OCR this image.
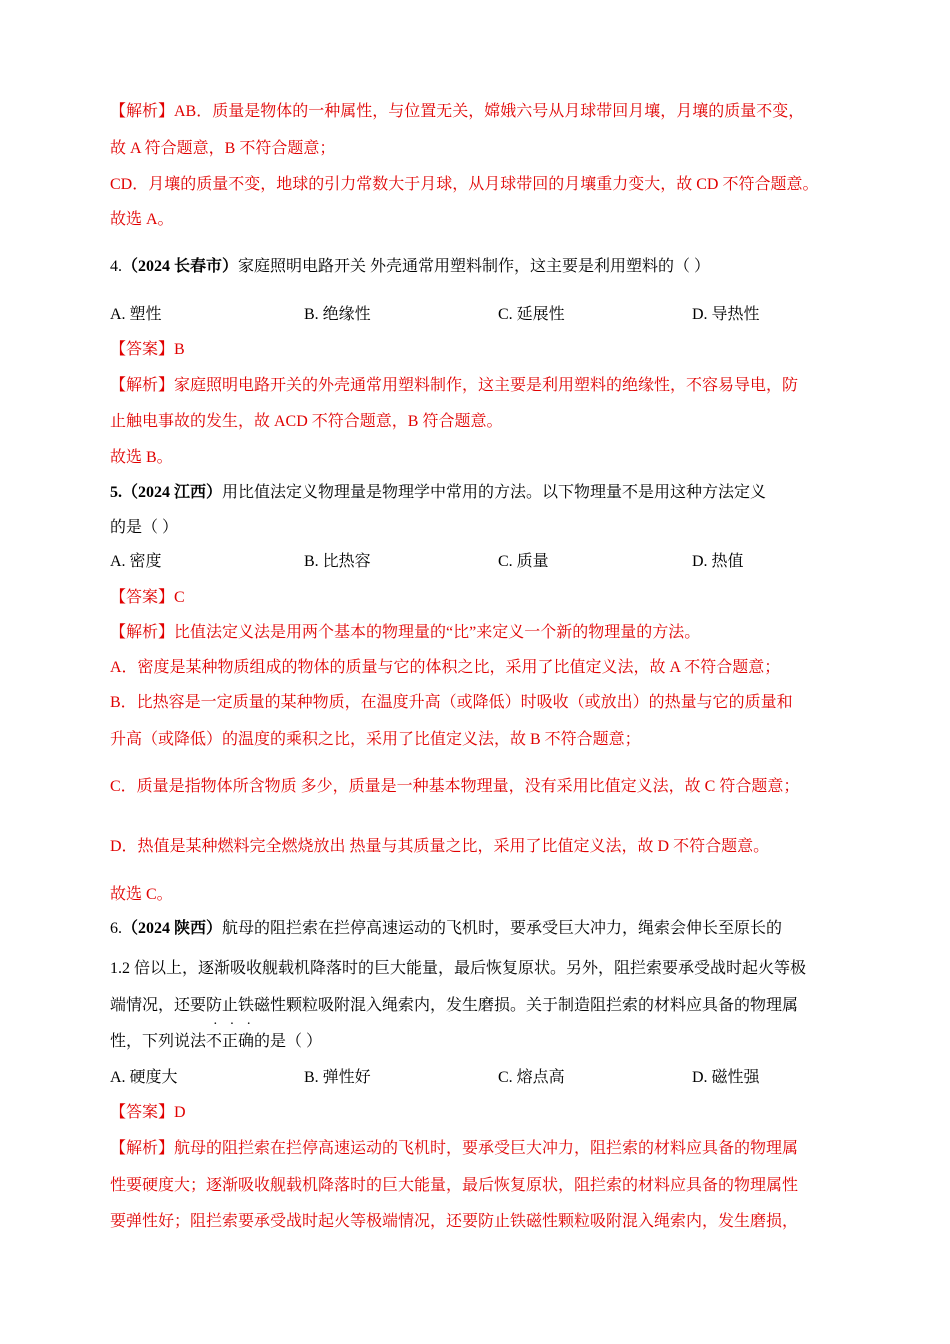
【解析】AB．质量是物体的一种属性，与位置无关，嫦娥六号从月球带回月壤，月壤的质量不变，
故 A 符合题意，B 不符合题意；
CD．月壤的质量不变，地球的引力常数大于月球，从月球带回的月壤重力变大，故 CD 不符合题意。
故选 A。
4.（2024 长春市）家庭照明电路开关 外壳通常用塑料制作，这主要是利用塑料的（ ）
A. 塑性	B. 绝缘性	C. 延展性	D. 导热性
【答案】B
【解析】家庭照明电路开关的外壳通常用塑料制作，这主要是利用塑料的绝缘性，不容易导电，防
止触电事故的发生，故 ACD 不符合题意，B 符合题意。
故选 B。
5.（2024 江西）用比值法定义物理量是物理学中常用的方法。以下物理量不是用这种方法定义
的是（ ）
A. 密度	B. 比热容	C. 质量	D. 热值
【答案】C
【解析】比值法定义法是用两个基本的物理量的“比”来定义一个新的物理量的方法。
A．密度是某种物质组成的物体的质量与它的体积之比，采用了比值定义法，故 A 不符合题意；
B．比热容是一定质量的某种物质，在温度升高（或降低）时吸收（或放出）的热量与它的质量和
升高（或降低）的温度的乘积之比，采用了比值定义法，故 B 不符合题意；
C．质量是指物体所含物质 多少，质量是一种基本物理量，没有采用比值定义法，故 C 符合题意；
D．热值是某种燃料完全燃烧放出 热量与其质量之比，采用了比值定义法，故 D 不符合题意。
故选 C。
6.（2024 陕西）航母的阻拦索在拦停高速运动的飞机时，要承受巨大冲力，绳索会伸长至原长的
1.2 倍以上，逐渐吸收舰载机降落时的巨大能量，最后恢复原状。另外，阻拦索要承受战时起火等极
端情况，还要防止铁磁性颗粒吸附混入绳索内，发生磨损。关于制造阻拦索的材料应具备的物理属
···
性，下列说法不正确的是（ ）
A. 硬度大	B. 弹性好	C. 熔点高	D. 磁性强
【答案】D
【解析】航母的阻拦索在拦停高速运动的飞机时，要承受巨大冲力，阻拦索的材料应具备的物理属
性要硬度大；逐渐吸收舰载机降落时的巨大能量，最后恢复原状，阻拦索的材料应具备的物理属性
要弹性好；阻拦索要承受战时起火等极端情况，还要防止铁磁性颗粒吸附混入绳索内，发生磨损，
